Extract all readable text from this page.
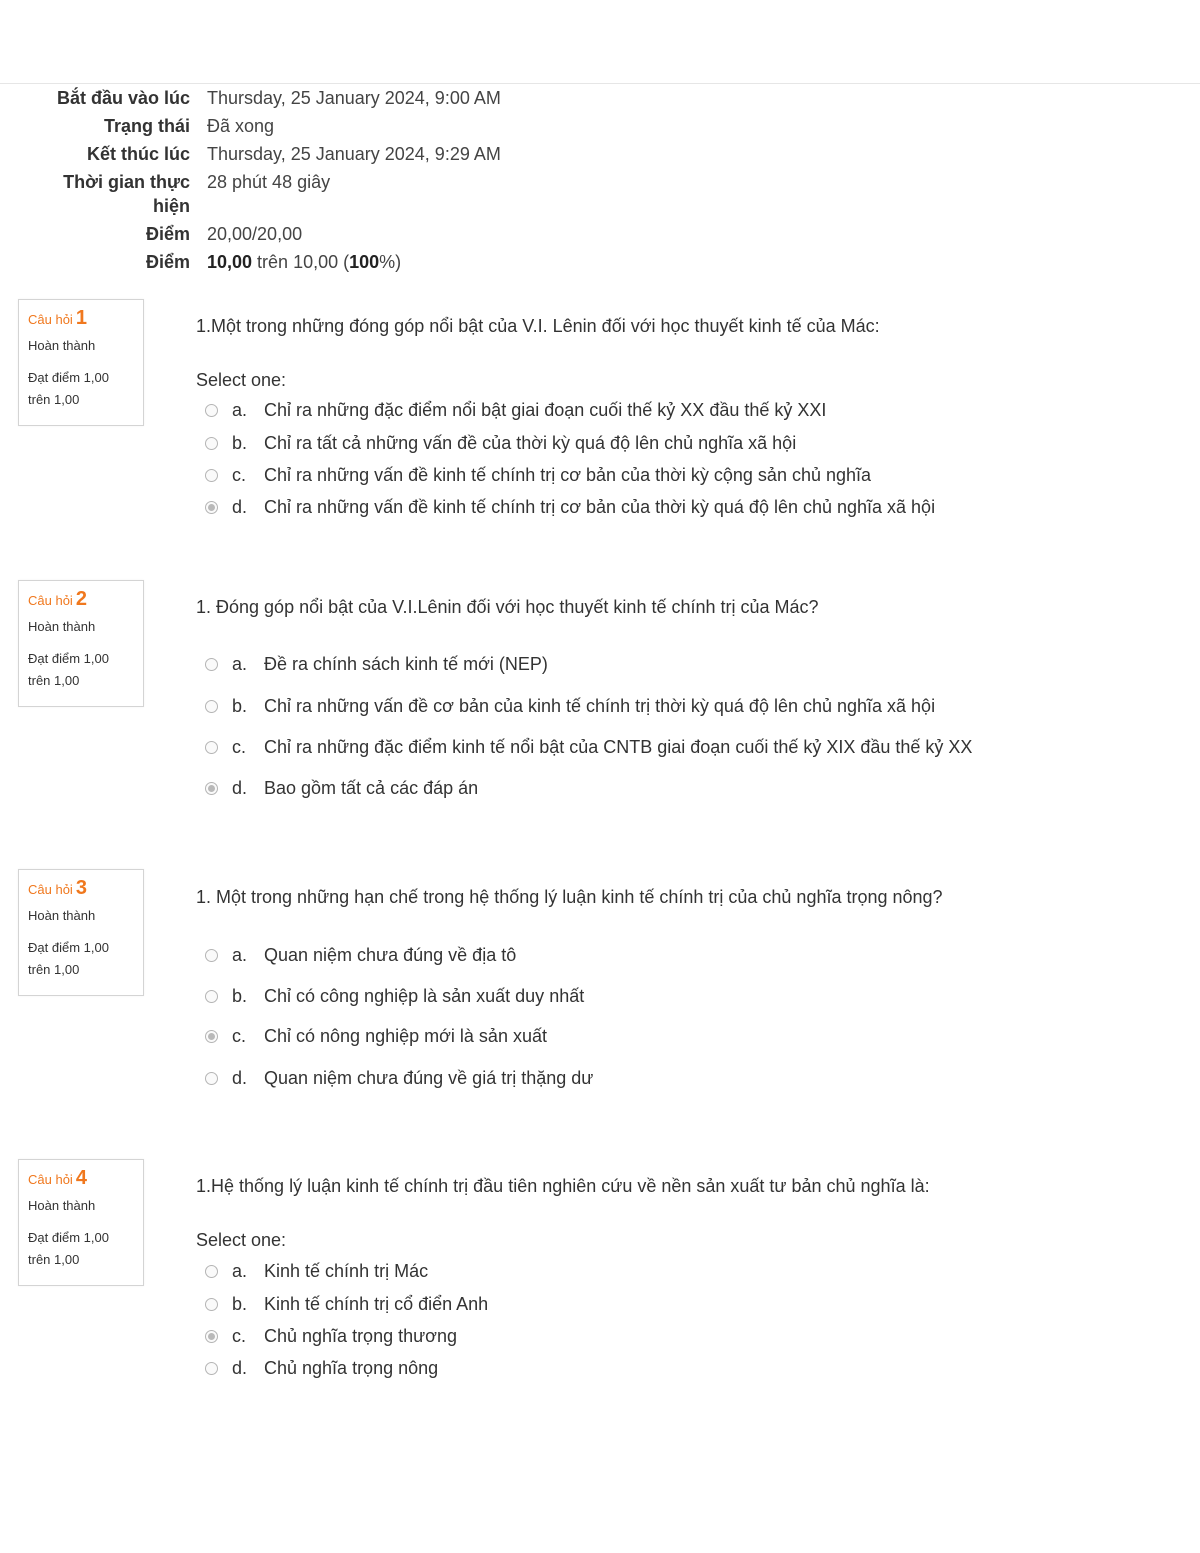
Bắt đầu vào lúc Thursday, 25 January 2024, 9:00 AM
Trạng thái Đã xong
Kết thúc lúc Thursday, 25 January 2024, 9:29 AM
Thời gian thực hiện
28 phút 48 giây
Điểm 20,00/20,00
Điểm 10,00 trên 10,00 (100%)
Câu hỏi 1
Hoàn thành
Đạt điểm 1,00
trên 1,00
1.Một trong những đóng góp nổi bật của V.I. Lênin đối với học thuyết kinh tế của Mác:
Select one:
a. Chỉ ra những đặc điểm nổi bật giai đoạn cuối thế kỷ XX đầu thế kỷ XXI
b. Chỉ ra tất cả những vấn đề của thời kỳ quá độ lên chủ nghĩa xã hội
c. Chỉ ra những vấn đề kinh tế chính trị cơ bản của thời kỳ cộng sản chủ nghĩa
d. Chỉ ra những vấn đề kinh tế chính trị cơ bản của thời kỳ quá độ lên chủ nghĩa xã hội
Câu hỏi 2
Hoàn thành
Đạt điểm 1,00
trên 1,00
1. Đóng góp nổi bật của V.I.Lênin đối với học thuyết kinh tế chính trị của Mác?
a. Đề ra chính sách kinh tế mới (NEP)
b. Chỉ ra những vấn đề cơ bản của kinh tế chính trị thời kỳ quá độ lên chủ nghĩa xã hội
c. Chỉ ra những đặc điểm kinh tế nổi bật của CNTB giai đoạn cuối thế kỷ XIX đầu thế kỷ XX
d. Bao gồm tất cả các đáp án
Câu hỏi 3
Hoàn thành
Đạt điểm 1,00
trên 1,00
1. Một trong những hạn chế trong hệ thống lý luận kinh tế chính trị của chủ nghĩa trọng nông?
a. Quan niệm chưa đúng về địa tô
b. Chỉ có công nghiệp là sản xuất duy nhất
c. Chỉ có nông nghiệp mới là sản xuất
d. Quan niệm chưa đúng về giá trị thặng dư
Câu hỏi 4
Hoàn thành
Đạt điểm 1,00
trên 1,00
1.Hệ thống lý luận kinh tế chính trị đầu tiên nghiên cứu về nền sản xuất tư bản chủ nghĩa là:
Select one:
a. Kinh tế chính trị Mác
b. Kinh tế chính trị cổ điển Anh
c. Chủ nghĩa trọng thương
d. Chủ nghĩa trọng nông
